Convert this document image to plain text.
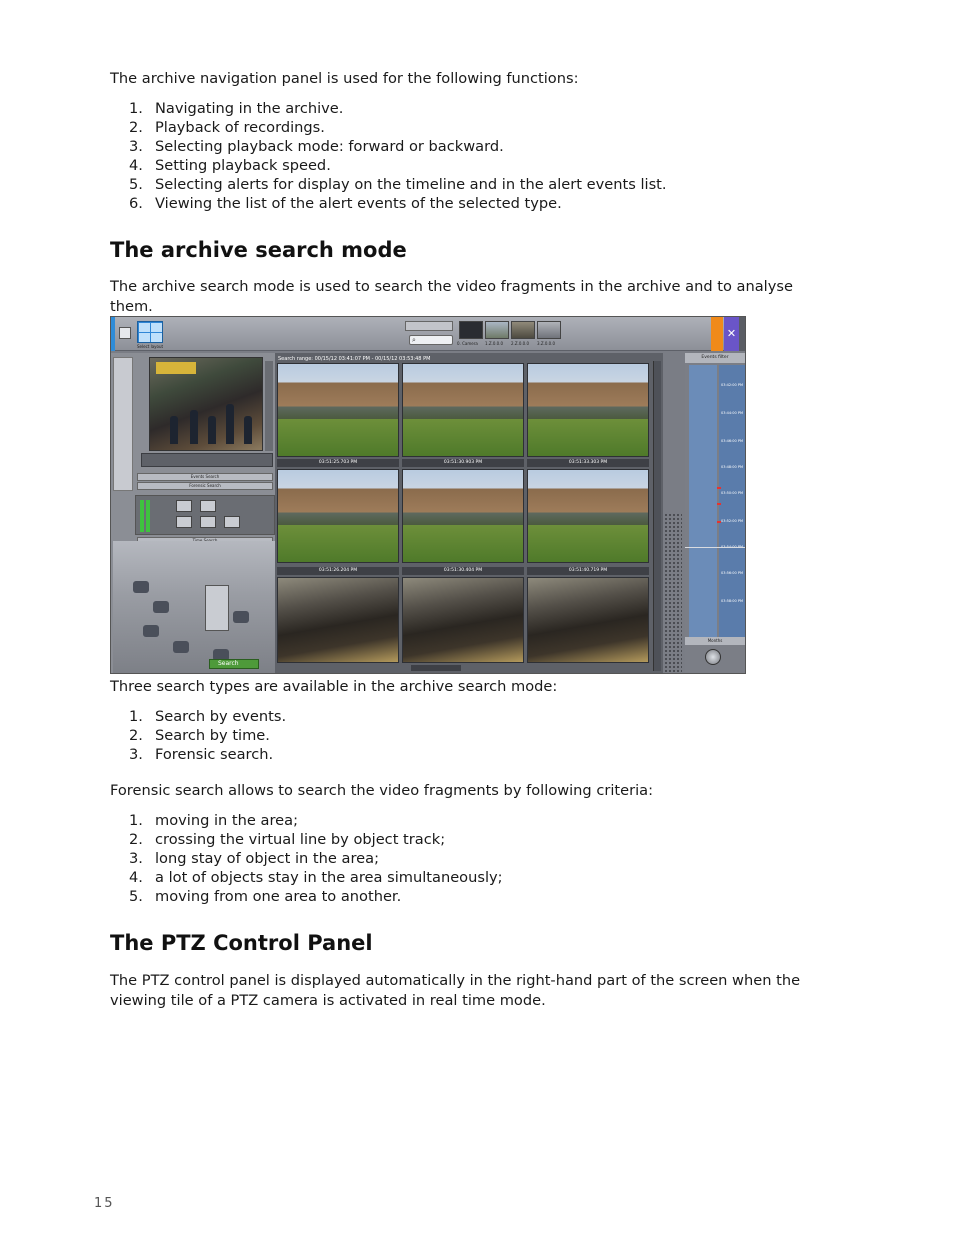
The archive navigation panel is used for the following functions:

1. Navigating in the archive.
2. Playback of recordings.
3. Selecting playback mode: forward or backward.
4. Setting playback speed.
5. Selecting alerts for display on the timeline and in the alert events list.
6. Viewing the list of the alert events of the selected type.
The archive search mode

The archive search mode is used to search the video fragments in the archive and to analyse them.

Select layout
⌕	0. Camera 1.Z.0.0.0 2.Z.0.0.0 3.Z.0.0.0
✕
Events Search
Forensic Search
Search
Search range: 00/15/12 03:41:07 PM - 00/15/12 03:53:48 PM
03:51:25.703 PM	03:51:30.903 PM	03:51:33.303 PM
03:51:26.204 PM	03:51:30.404 PM	03:51:40.719 PM
Events filter
03:42:00 PM
03:44:00 PM
03:46:00 PM
03:48:00 PM
03:50:00 PM
03:52:00 PM
03:56:00 PM
03:58:00 PM
Months

Three search types are available in the archive search mode:

1. Search by events.
2. Search by time.
3. Forensic search.

Forensic search allows to search the video fragments by following criteria:

1. moving in the area;
2. crossing the virtual line by object track;
3. long stay of object in the area;
4. a lot of objects stay in the area simultaneously;
5. moving from one area to another.
The PTZ Control Panel

The PTZ control panel is displayed automatically in the right-hand part of the screen when the viewing tile of a PTZ camera is activated in real time mode.

15
